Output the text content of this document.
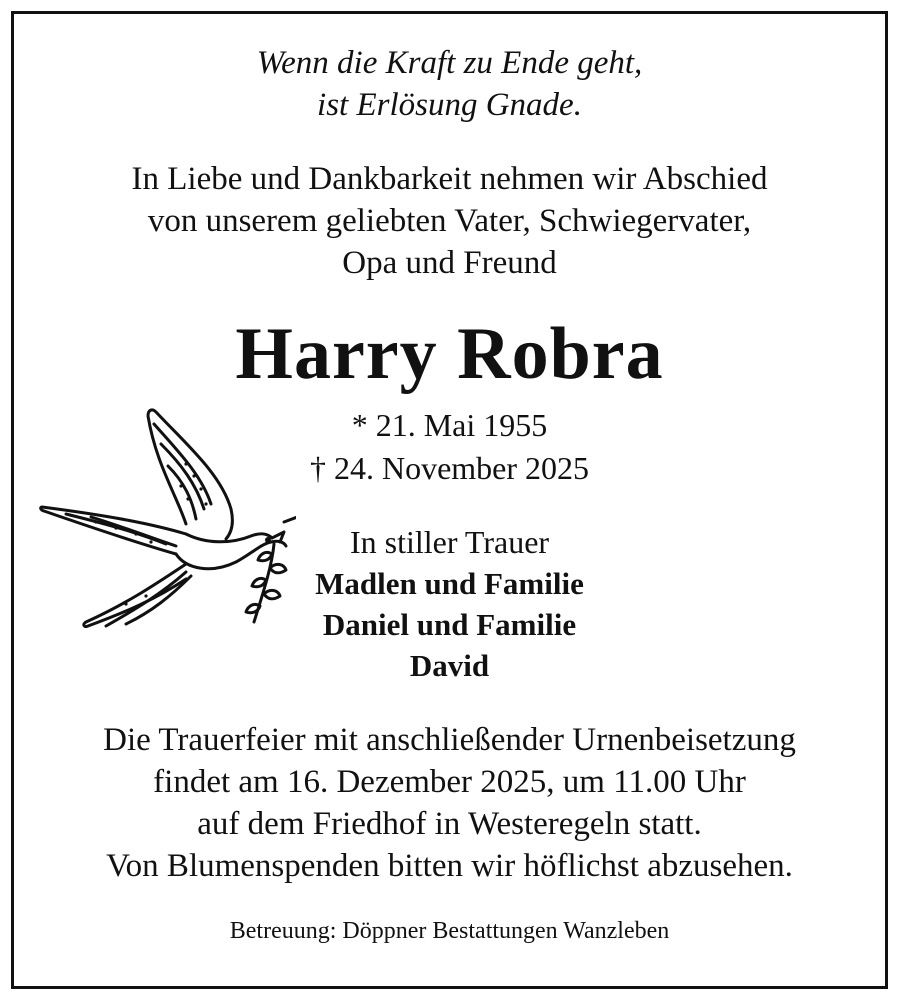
Wenn die Kraft zu Ende geht,
ist Erlösung Gnade.
In Liebe und Dankbarkeit nehmen wir Abschied
von unserem geliebten Vater, Schwiegervater,
Opa und Freund
Harry Robra
* 21. Mai 1955
† 24. November 2025
In stiller Trauer
Madlen und Familie
Daniel und Familie
David
Die Trauerfeier mit anschließender Urnenbeisetzung
findet am 16. Dezember 2025, um 11.00 Uhr
auf dem Friedhof in Westeregeln statt.
Von Blumenspenden bitten wir höflichst abzusehen.
Betreuung: Döppner Bestattungen Wanzleben
